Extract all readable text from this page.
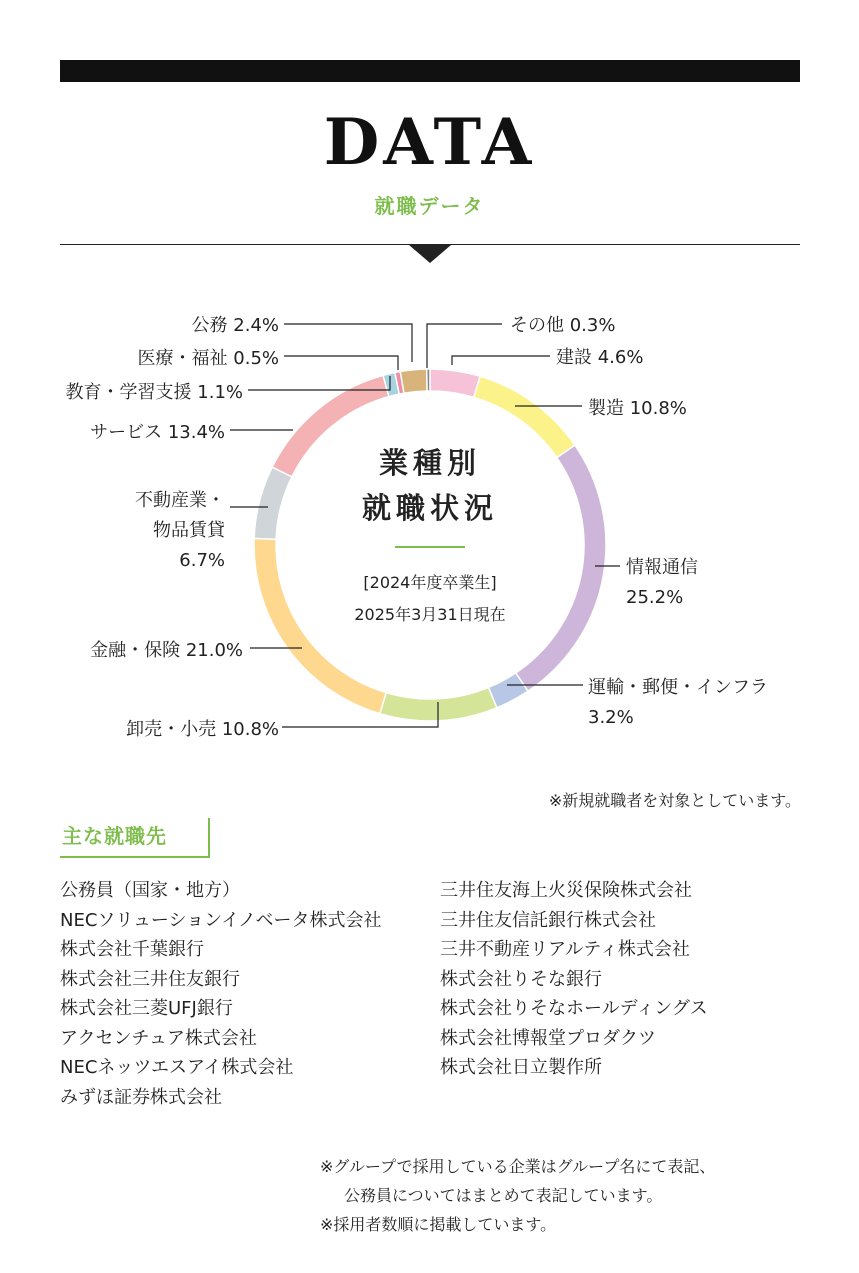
DATA
就職データ
業種別
就職状況
[2024年度卒業生]
2025年3月31日現在
その他 0.3%
建設 4.6%
製造 10.8%
情報通信
25.2%
運輸・郵便・インフラ
3.2%
卸売・小売 10.8%
金融・保険 21.0%
不動産業・
物品賃貸
6.7%
サービス 13.4%
教育・学習支援 1.1%
医療・福祉 0.5%
公務 2.4%
※新規就職者を対象としています。
主な就職先
公務員（国家・地方）
NECソリューションイノベータ株式会社
株式会社千葉銀行
株式会社三井住友銀行
株式会社三菱UFJ銀行
アクセンチュア株式会社
NECネッツエスアイ株式会社
みずほ証券株式会社
三井住友海上火災保険株式会社
三井住友信託銀行株式会社
三井不動産リアルティ株式会社
株式会社りそな銀行
株式会社りそなホールディングス
株式会社博報堂プロダクツ
株式会社日立製作所
※グループで採用している企業はグループ名にて表記、
公務員についてはまとめて表記しています。
※採用者数順に掲載しています。
